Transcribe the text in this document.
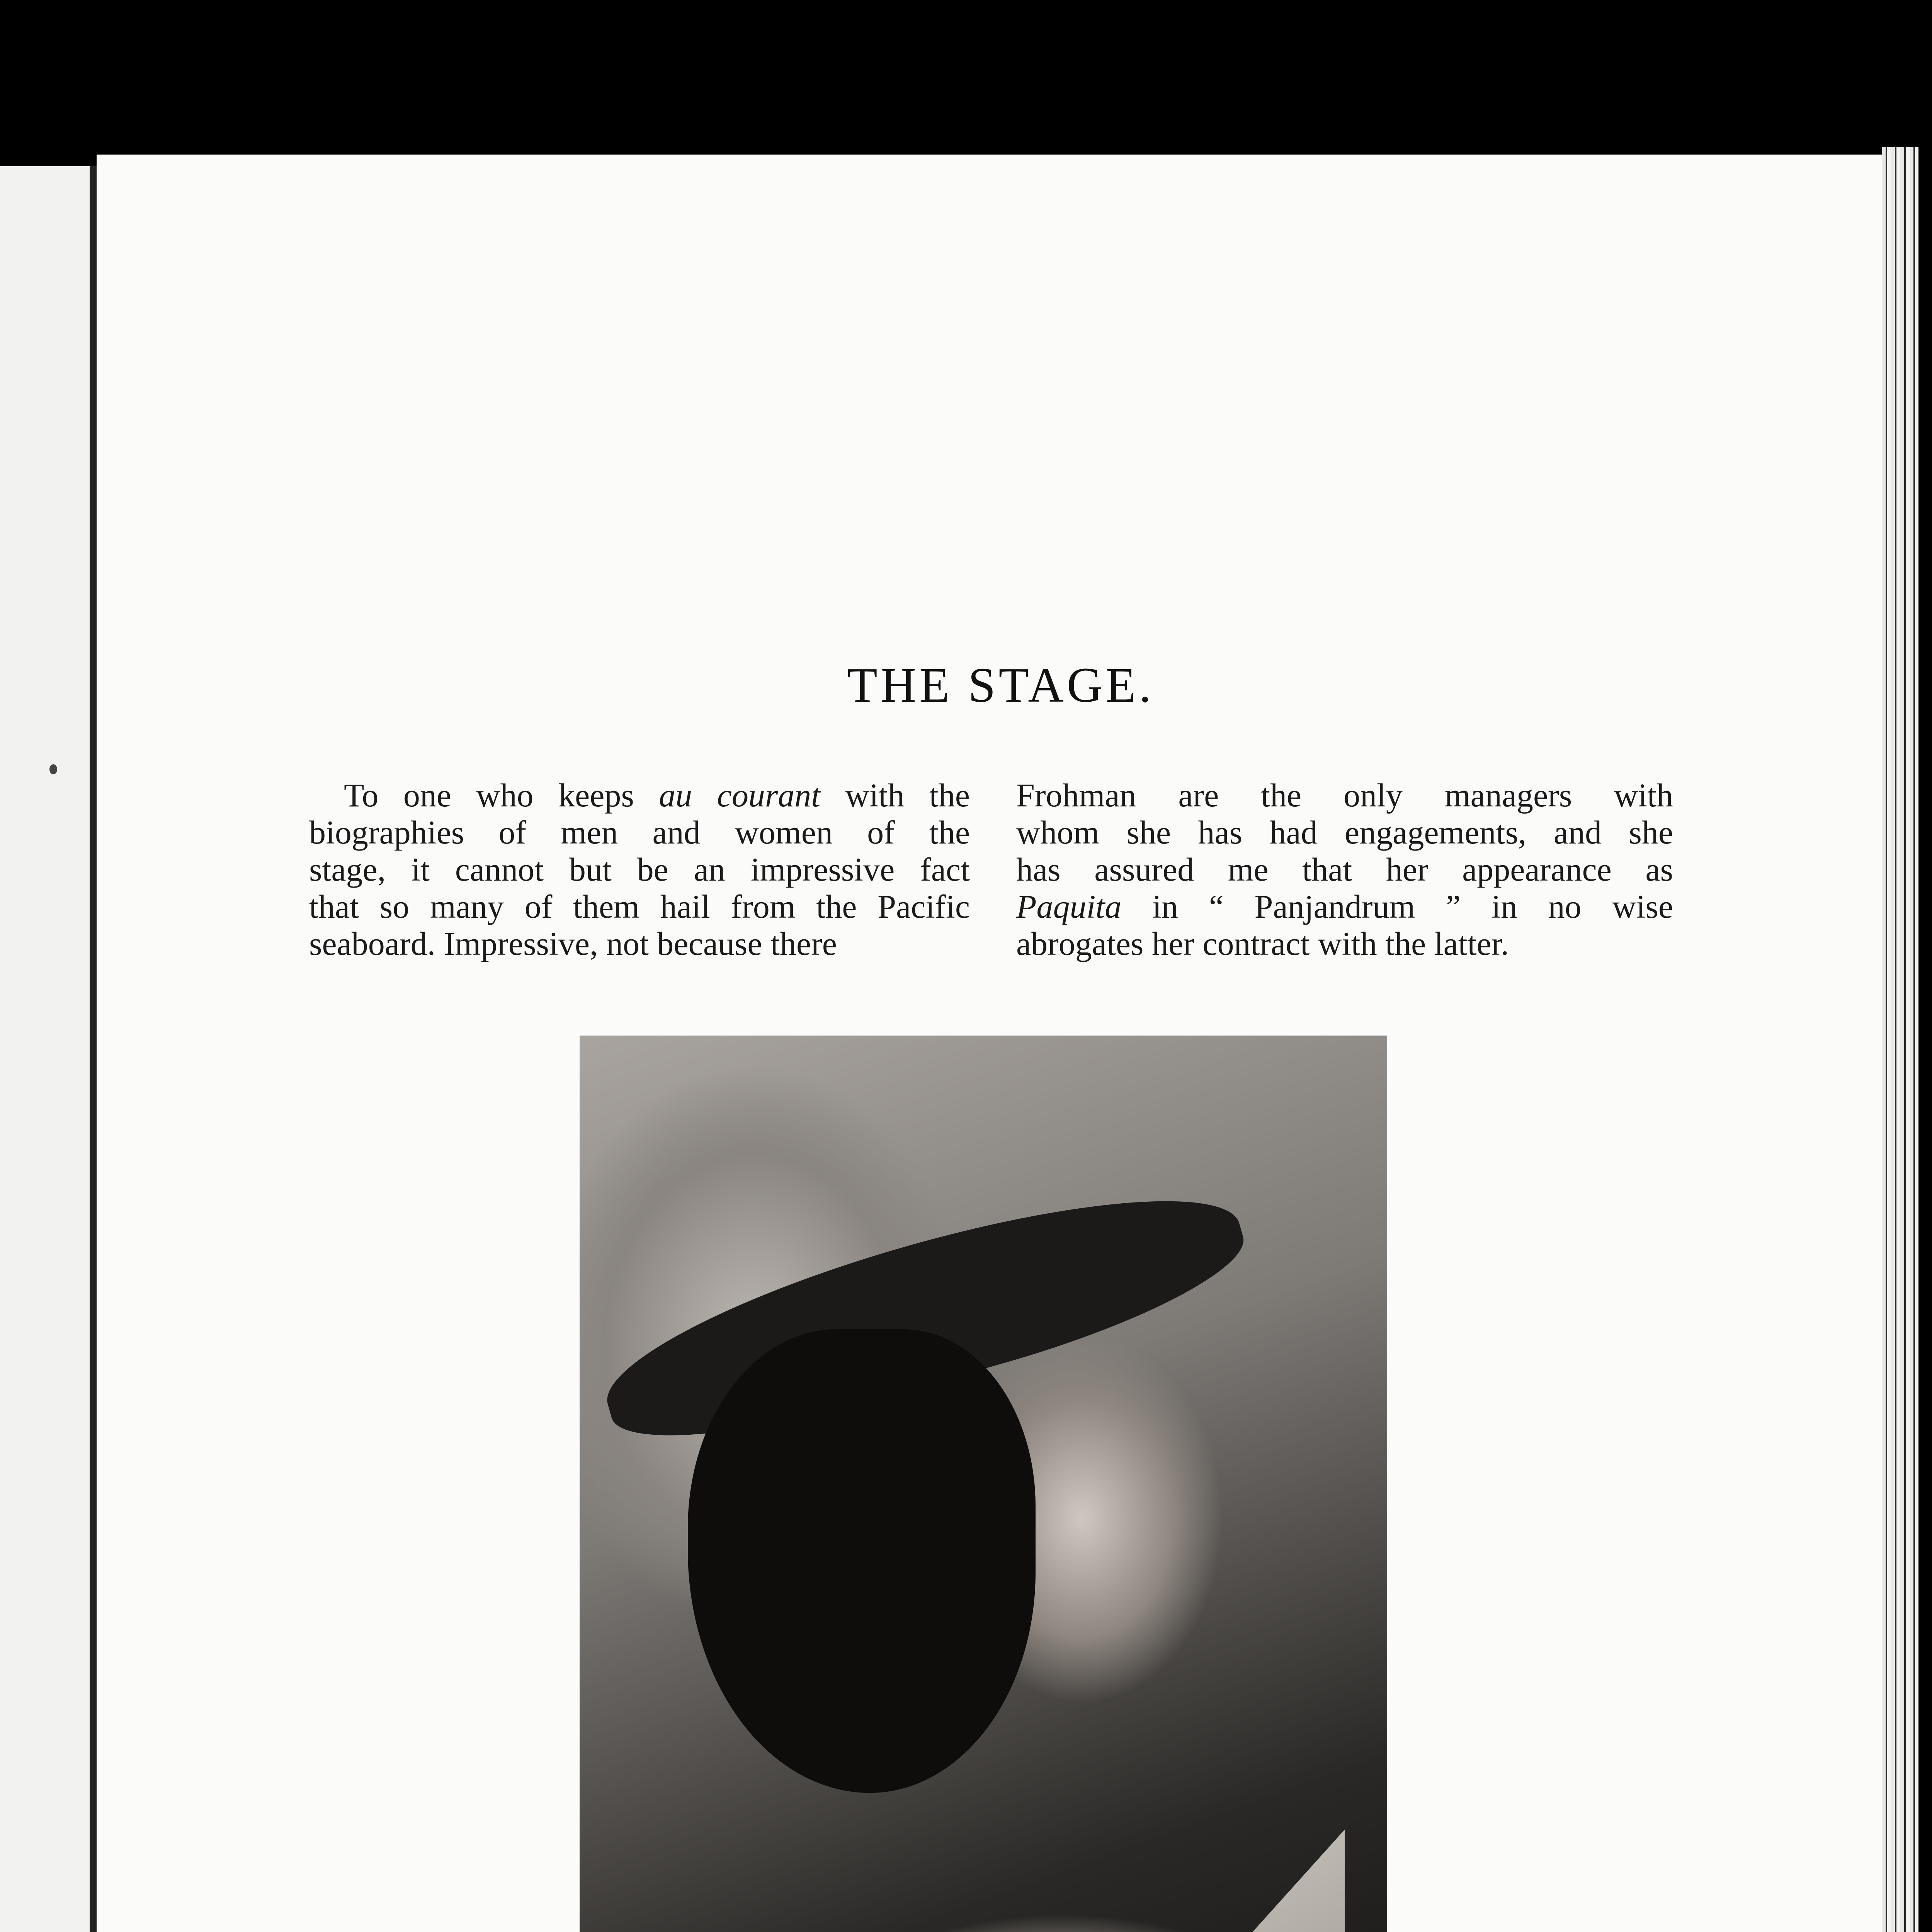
THE STAGE.
To one who keeps au courant with the
biographies of men and women of the
stage, it cannot but be an impressive fact
that so many of them hail from the Pacific
seaboard. Impressive, not because there
Frohman are the only managers with
whom she has had engagements, and she
has assured me that her appearance as
Paquita in “ Panjandrum ” in no wise
abrogates her contract with the latter.
